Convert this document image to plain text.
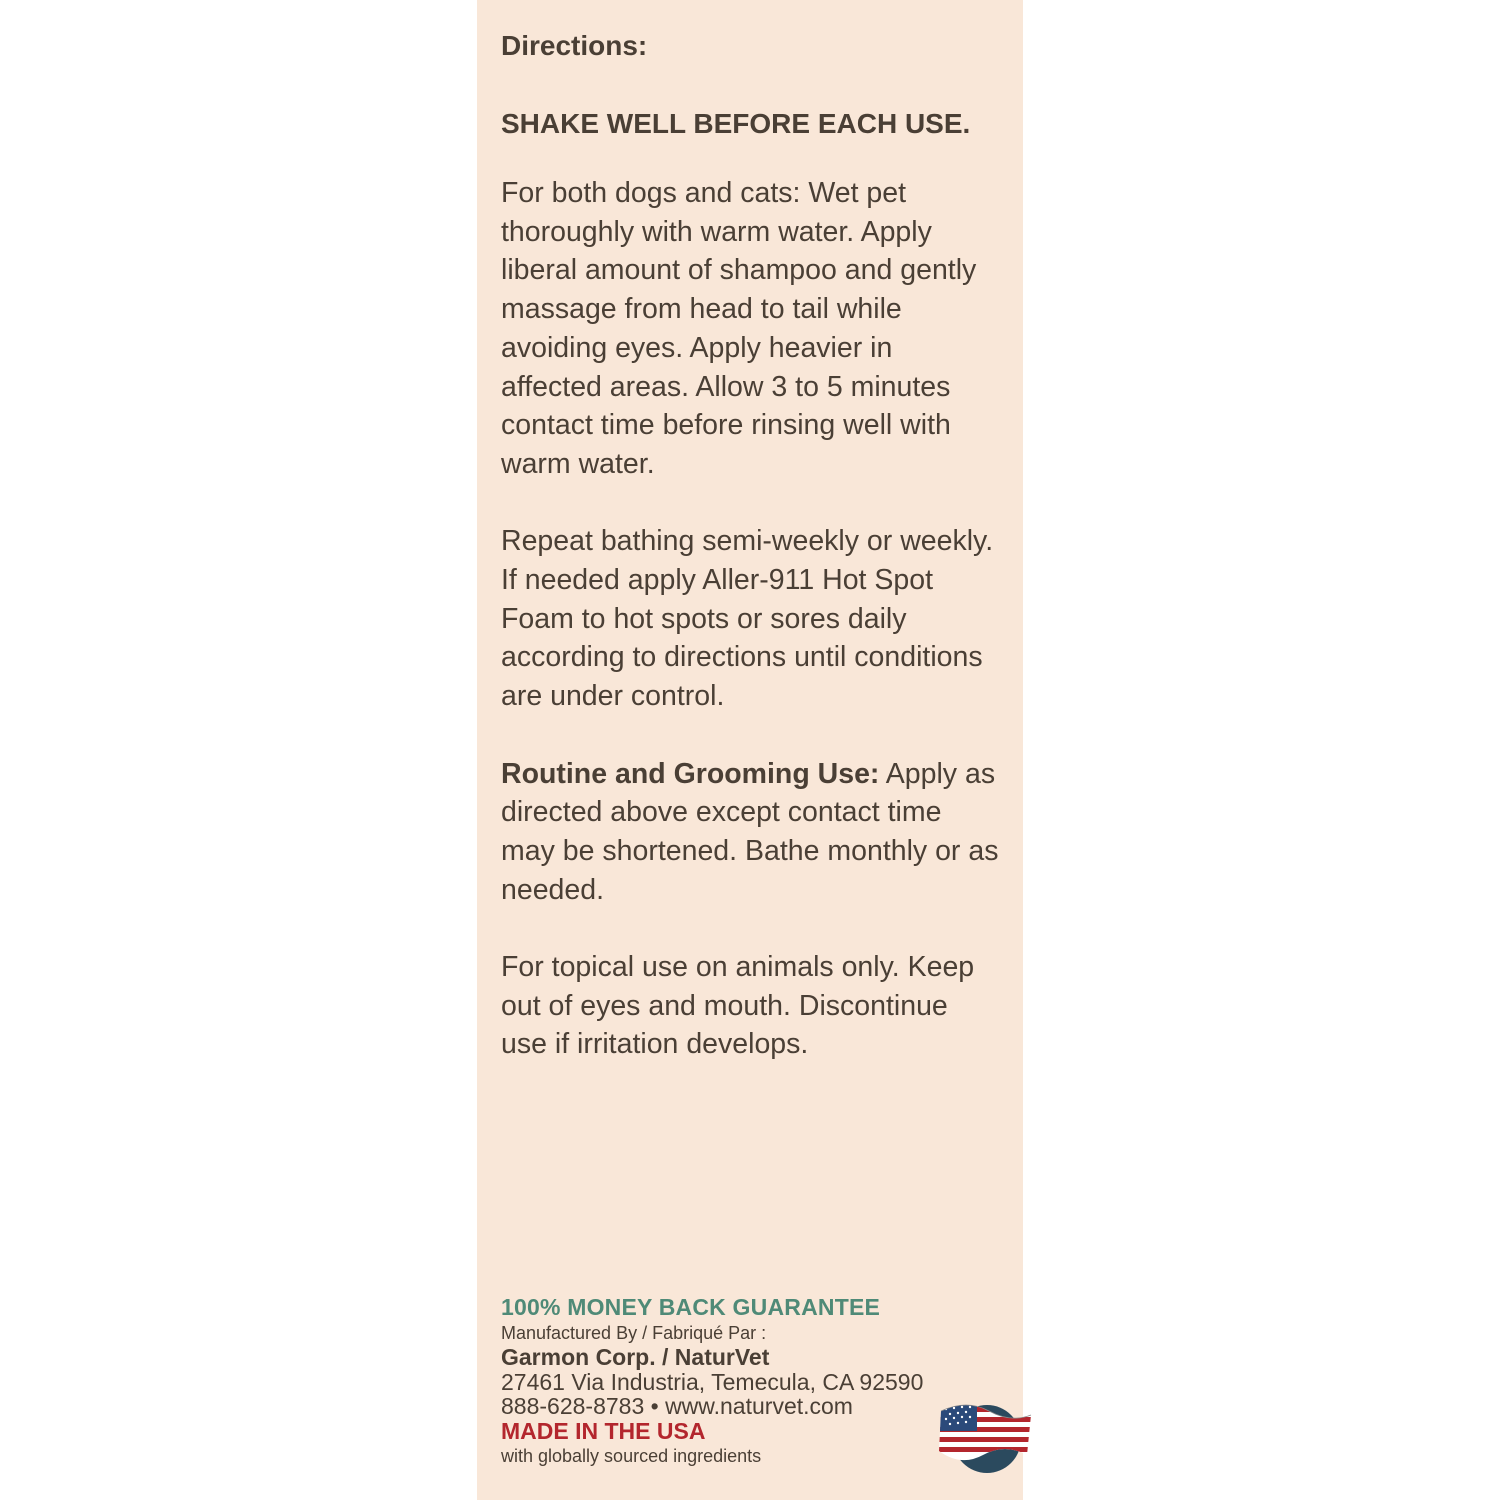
Directions:

SHAKE WELL BEFORE EACH USE.

For both dogs and cats: Wet pet thoroughly with warm water. Apply liberal amount of shampoo and gently massage from head to tail while avoiding eyes. Apply heavier in affected areas. Allow 3 to 5 minutes contact time before rinsing well with warm water.

Repeat bathing semi-weekly or weekly. If needed apply Aller-911 Hot Spot Foam to hot spots or sores daily according to directions until conditions are under control.

Routine and Grooming Use: Apply as directed above except contact time may be shortened. Bathe monthly or as needed.

For topical use on animals only. Keep out of eyes and mouth. Discontinue use if irritation develops.

100% MONEY BACK GUARANTEE

Manufactured By / Fabriqué Par :

Garmon Corp. / NaturVet

27461 Via Industria, Temecula, CA 92590

888-628-8783 • www.naturvet.com

MADE IN THE USA

with globally sourced ingredients
